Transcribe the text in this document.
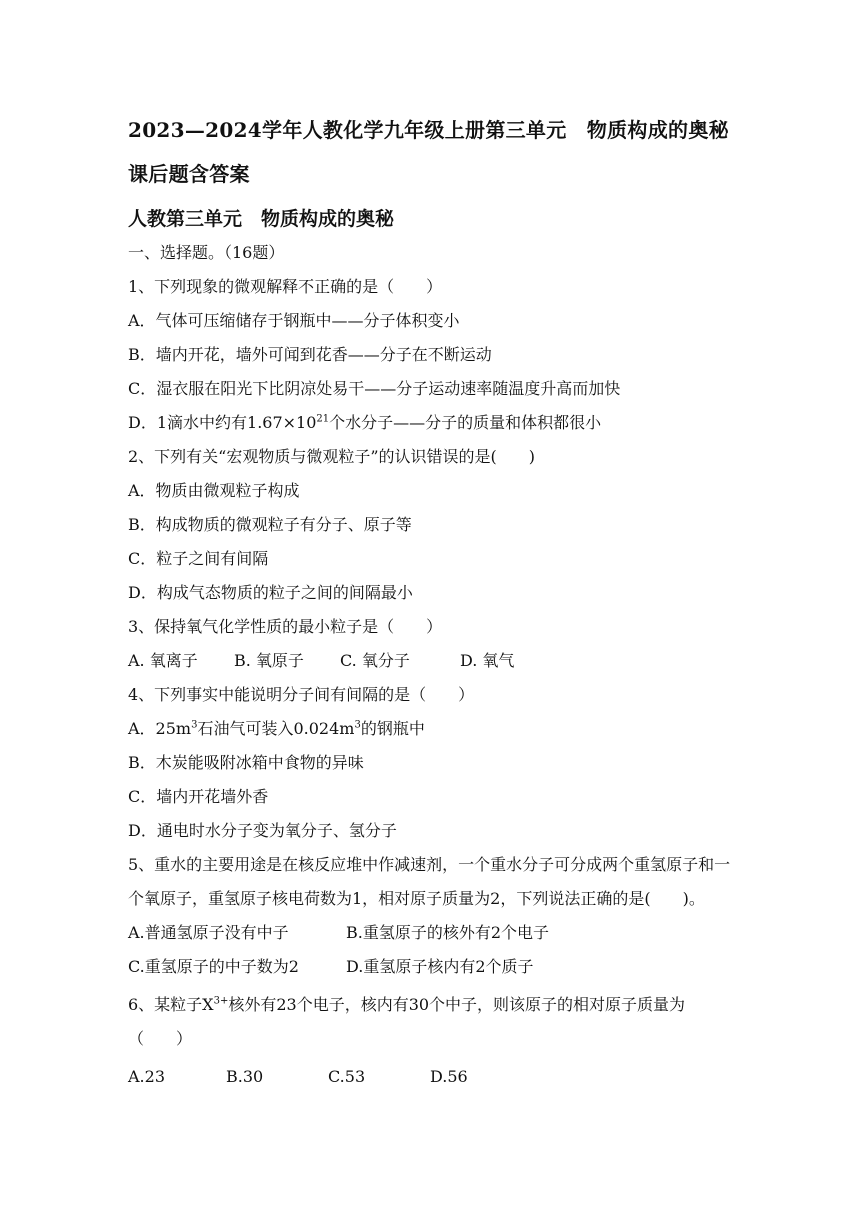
2023—2024学年人教化学九年级上册第三单元　物质构成的奥秘
课后题含答案
人教第三单元　物质构成的奥秘
一、选择题。（16题）
1、下列现象的微观解释不正确的是（　　）
A．气体可压缩储存于钢瓶中——分子体积变小
B．墙内开花，墙外可闻到花香——分子在不断运动
C．湿衣服在阳光下比阴凉处易干——分子运动速率随温度升高而加快
D．1滴水中约有$1.67\times 10^{21}$个水分子——分子的质量和体积都很小
2、下列有关“宏观物质与微观粒子”的认识错误的是(　　)
A．物质由微观粒子构成
B．构成物质的微观粒子有分子、原子等
C．粒子之间有间隔
D．构成气态物质的粒子之间的间隔最小
3、保持氧气化学性质的最小粒子是（　　）
A. 氧离子	B. 氧原子	C. 氧分子	D. 氧气
4、下列事实中能说明分子间有间隔的是（　　）
A．$25m^3$石油气可装入$0.024m^3$的钢瓶中
B．木炭能吸附冰箱中食物的异味
C．墙内开花墙外香
D．通电时水分子变为氧分子、氢分子
5、重水的主要用途是在核反应堆中作减速剂，一个重水分子可分成两个重氢原子和一个氧原子，重氢原子核电荷数为1，相对原子质量为2，下列说法正确的是(　　)。
A.普通氢原子没有中子	B.重氢原子的核外有2个电子
C.重氢原子的中子数为2	D.重氢原子核内有2个质子
6、某粒子$X^{3+}$核外有23个电子，核内有30个中子，则该原子的相对原子质量为（　　）
A.23	B.30	C.53	D.56
